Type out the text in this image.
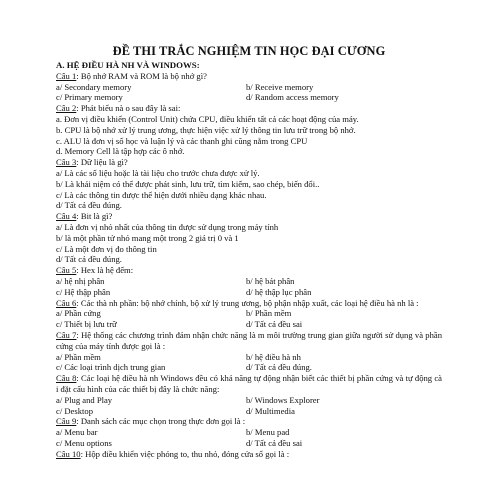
ĐỀ THI TRẮC NGHIỆM TIN HỌC ĐẠI CƯƠNG
A. HỆ ĐIỀU HÀ NH VÀ WINDOWS:
Câu 1: Bộ nhớ RAM và ROM là bộ nhớ gì?
a/ Secondary memory	b/ Receive memory
c/ Primary memory	d/ Random access memory
Câu 2: Phát biểu nà o sau đây là sai:
a. Đơn vị điều khiển (Control Unit) chứa CPU, điều khiển tất cả các hoạt động của máy.
b. CPU là bộ nhớ xử lý trung ương, thực hiện việc xử lý thông tin lưu trữ trong bộ nhớ.
c. ALU là đơn vị số học và luận lý và các thanh ghi cũng nằm trong CPU
d. Memory Cell là tập hợp các ô nhớ.
Câu 3: Dữ liệu là gì?
a/ Là các số liệu hoặc là tài liệu cho trước chưa được xử lý.
b/ Là khái niệm có thể được phát sinh, lưu trữ, tìm kiếm, sao chép, biến đổi..
c/ Là các thông tin được thể hiện dưới nhiều dạng khác nhau.
d/ Tất cả đều đúng.
Câu 4: Bit là gì?
a/ Là đơn vị nhỏ nhất của thông tin được sử dụng trong máy tính
b/ là một phần tử nhỏ mang một trong 2 giá trị 0 và 1
c/ Là một đơn vị đo thông tin
d/ Tất cả đều đúng.
Câu 5: Hex là hệ đếm:
a/ hệ nhị phân	b/ hệ bát phân
c/ Hệ thập phân	d/ hệ thập lục phân
Câu 6: Các thà nh phần: bộ nhớ chính, bộ xử lý trung ương, bộ phận nhập xuất, các loại hệ điều hà nh là :
a/ Phần cứng	b/ Phần mềm
c/ Thiết bị lưu trữ	d/ Tất cả đều sai
Câu 7: Hệ thống các chương trình đảm nhận chức năng là m môi trường trung gian giữa người sử dụng và phần cứng của máy tính được gọi là :
a/ Phần mềm	b/ hệ điều hà nh
c/ Các loại trình dịch trung gian	d/ Tất cả đều đúng.
Câu 8: Các loại hệ điều hà nh Windows đều có khả năng tự động nhận biết các thiết bị phần cứng và tự động cà i đặt cấu hình của các thiết bị đây là chức năng:
a/ Plug and Play	b/ Windows Explorer
c/ Desktop	d/ Multimedia
Câu 9: Danh sách các mục chọn trong thực đơn gọi là :
a/ Menu bar	b/ Menu pad
c/ Menu options	d/ Tất cả đều sai
Câu 10: Hộp điều khiển việc phóng to, thu nhỏ, đóng cửa sổ gọi là :
